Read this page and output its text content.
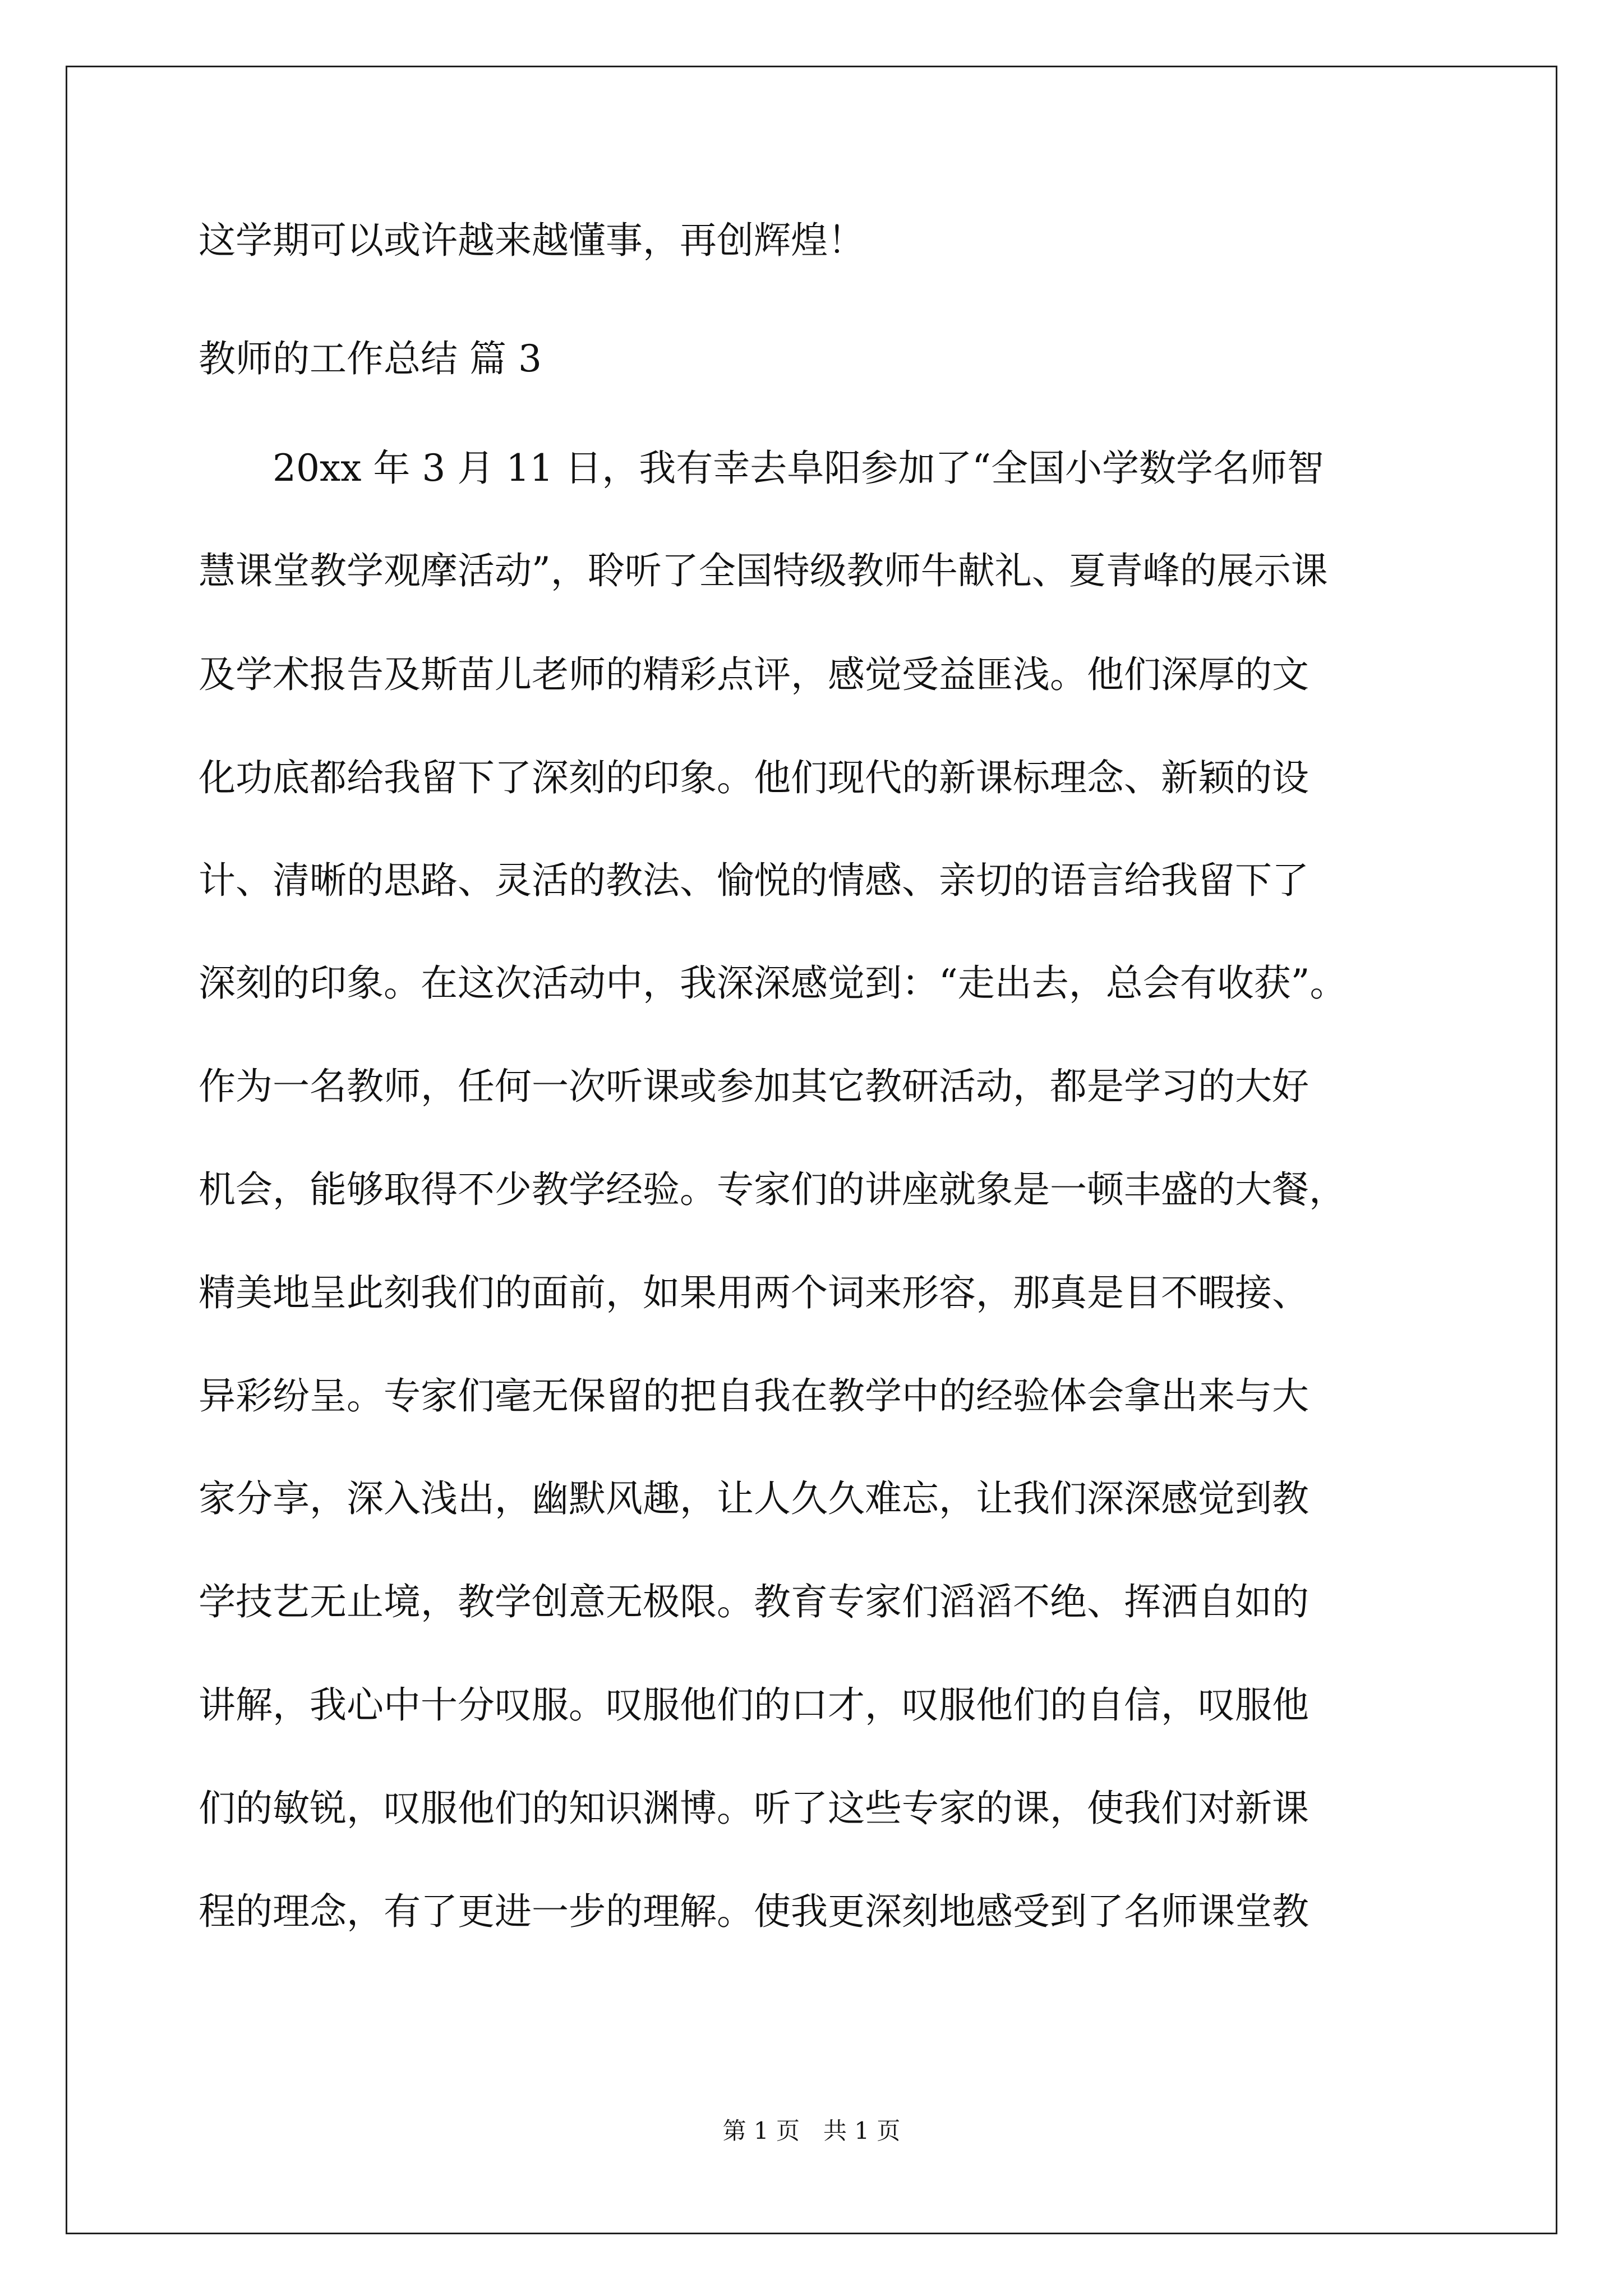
这学期可以或许越来越懂事，再创辉煌！
教师的工作总结 篇 3
　　20xx 年 3 月 11 日，我有幸去阜阳参加了“全国小学数学名师智
慧课堂教学观摩活动”，聆听了全国特级教师牛献礼、夏青峰的展示课
及学术报告及斯苗儿老师的精彩点评，感觉受益匪浅。他们深厚的文
化功底都给我留下了深刻的印象。他们现代的新课标理念、新颖的设
计、清晰的思路、灵活的教法、愉悦的情感、亲切的语言给我留下了
深刻的印象。在这次活动中，我深深感觉到：“走出去，总会有收获”。
作为一名教师，任何一次听课或参加其它教研活动，都是学习的大好
机会，能够取得不少教学经验。专家们的讲座就象是一顿丰盛的大餐，
精美地呈此刻我们的面前，如果用两个词来形容，那真是目不暇接、
异彩纷呈。专家们毫无保留的把自我在教学中的经验体会拿出来与大
家分享，深入浅出，幽默风趣，让人久久难忘，让我们深深感觉到教
学技艺无止境，教学创意无极限。教育专家们滔滔不绝、挥洒自如的
讲解，我心中十分叹服。叹服他们的口才，叹服他们的自信，叹服他
们的敏锐，叹服他们的知识渊博。听了这些专家的课，使我们对新课
程的理念，有了更进一步的理解。使我更深刻地感受到了名师课堂教
第 1 页　共 1 页
